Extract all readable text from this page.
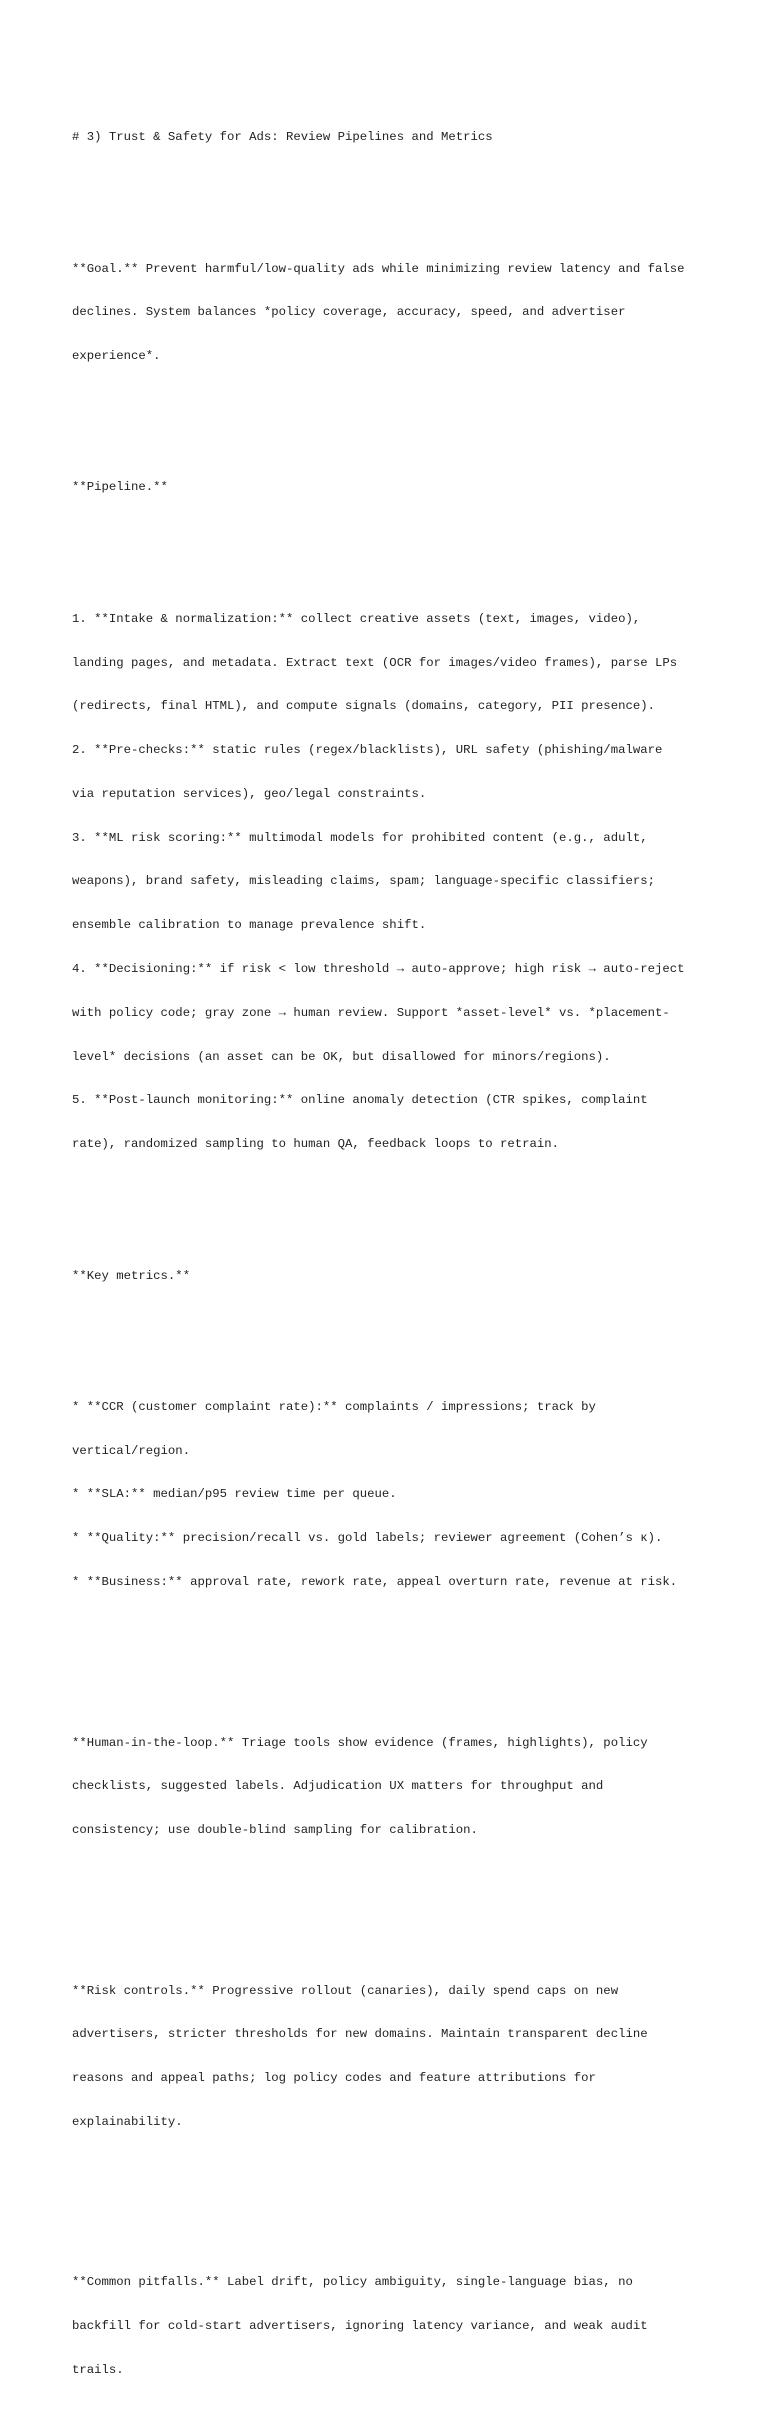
# 3) Trust & Safety for Ads: Review Pipelines and Metrics

**Goal.** Prevent harmful/low-quality ads while minimizing review latency and false

declines. System balances *policy coverage, accuracy, speed, and advertiser

experience*.

**Pipeline.**

1. **Intake & normalization:** collect creative assets (text, images, video),

landing pages, and metadata. Extract text (OCR for images/video frames), parse LPs

(redirects, final HTML), and compute signals (domains, category, PII presence).

2. **Pre-checks:** static rules (regex/blacklists), URL safety (phishing/malware

via reputation services), geo/legal constraints.

3. **ML risk scoring:** multimodal models for prohibited content (e.g., adult,

weapons), brand safety, misleading claims, spam; language-specific classifiers;

ensemble calibration to manage prevalence shift.

4. **Decisioning:** if risk < low threshold → auto-approve; high risk → auto-reject

with policy code; gray zone → human review. Support *asset-level* vs. *placement-

level* decisions (an asset can be OK, but disallowed for minors/regions).

5. **Post-launch monitoring:** online anomaly detection (CTR spikes, complaint

rate), randomized sampling to human QA, feedback loops to retrain.

**Key metrics.**

* **CCR (customer complaint rate):** complaints / impressions; track by

vertical/region.

* **SLA:** median/p95 review time per queue.

* **Quality:** precision/recall vs. gold labels; reviewer agreement (Cohen’s κ).

* **Business:** approval rate, rework rate, appeal overturn rate, revenue at risk.

**Human-in-the-loop.** Triage tools show evidence (frames, highlights), policy

checklists, suggested labels. Adjudication UX matters for throughput and

consistency; use double-blind sampling for calibration.

**Risk controls.** Progressive rollout (canaries), daily spend caps on new

advertisers, stricter thresholds for new domains. Maintain transparent decline

reasons and appeal paths; log policy codes and feature attributions for

explainability.

**Common pitfalls.** Label drift, policy ambiguity, single-language bias, no

backfill for cold-start advertisers, ignoring latency variance, and weak audit

trails.
